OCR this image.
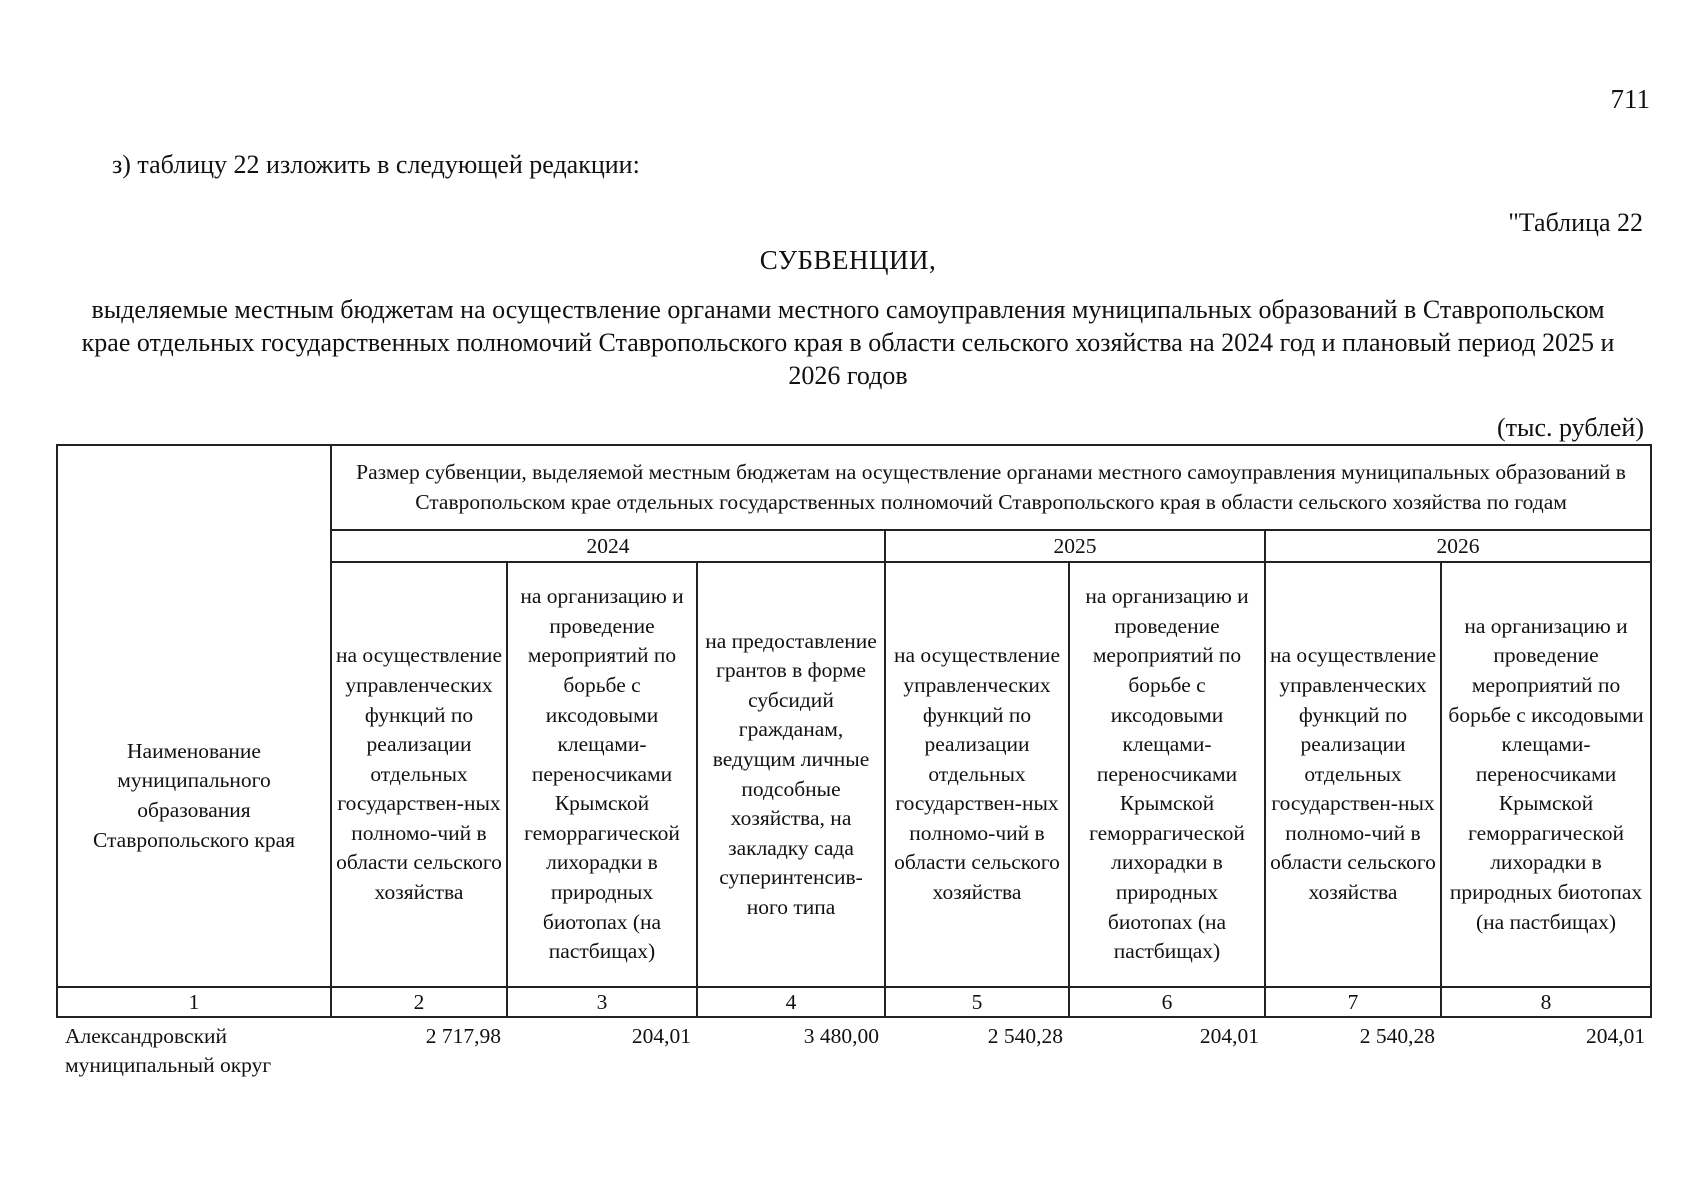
711
з) таблицу 22 изложить в следующей редакции:
"Таблица 22
СУБВЕНЦИИ,
выделяемые местным бюджетам на осуществление органами местного самоуправления муниципальных образований в Ставропольском крае отдельных государственных полномочий Ставропольского края в области сельского хозяйства на 2024 год и плановый период 2025 и 2026 годов
(тыс. рублей)
Наименование муниципального образования Ставропольского края	Размер субвенции, выделяемой местным бюджетам на осуществление органами местного самоуправления муниципальных образований в Ставропольском крае отдельных государственных полномочий Ставропольского края в области сельского хозяйства по годам						
	2024			2025		2026	
	на осуществление управленческих функций по реализации отдельных государствен-ных полномо-чий в области сельского хозяйства	на организацию и проведение мероприятий по борьбе с иксодовыми клещами-переносчиками Крымской геморрагической лихорадки в природных биотопах (на пастбищах)	на предоставление грантов в форме субсидий гражданам, ведущим личные подсобные хозяйства, на закладку сада суперинтенсив-ного типа	на осуществление управленческих функций по реализации отдельных государствен-ных полномо-чий в области сельского хозяйства	на организацию и проведение мероприятий по борьбе с иксодовыми клещами-переносчиками Крымской геморрагической лихорадки в природных биотопах (на пастбищах)	на осуществление управленческих функций по реализации отдельных государствен-ных полномо-чий в области сельского хозяйства	на организацию и проведение мероприятий по борьбе с иксодовыми клещами-переносчиками Крымской геморрагической лихорадки в природных биотопах (на пастбищах)
1	2	3	4	5	6	7	8
Александровский муниципальный округ	2 717,98	204,01	3 480,00	2 540,28	204,01	2 540,28	204,01
